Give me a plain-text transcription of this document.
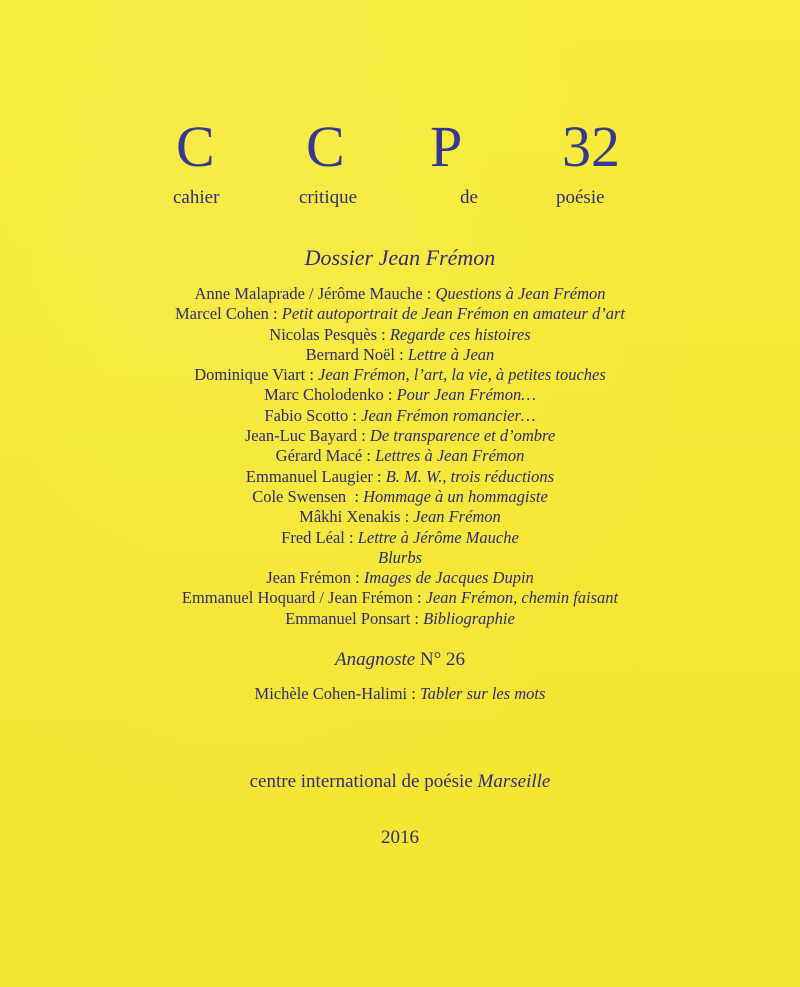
C C P 32
cahier	critique	de	poésie
Dossier Jean Frémon
Anne Malaprade / Jérôme Mauche : Questions à Jean Frémon
Marcel Cohen : Petit autoportrait de Jean Frémon en amateur d’art
Nicolas Pesquès : Regarde ces histoires
Bernard Noël : Lettre à Jean
Dominique Viart : Jean Frémon, l’art, la vie, à petites touches
Marc Cholodenko : Pour Jean Frémon…
Fabio Scotto : Jean Frémon romancier…
Jean-Luc Bayard : De transparence et d’ombre
Gérard Macé : Lettres à Jean Frémon
Emmanuel Laugier : B. M. W., trois réductions
Cole Swensen  : Hommage à un hommagiste
Mâkhi Xenakis : Jean Frémon
Fred Léal : Lettre à Jérôme Mauche
Blurbs
Jean Frémon : Images de Jacques Dupin
Emmanuel Hoquard / Jean Frémon : Jean Frémon, chemin faisant
Emmanuel Ponsart : Bibliographie
Anagnoste N° 26
Michèle Cohen-Halimi : Tabler sur les mots
centre international de poésie Marseille
2016
